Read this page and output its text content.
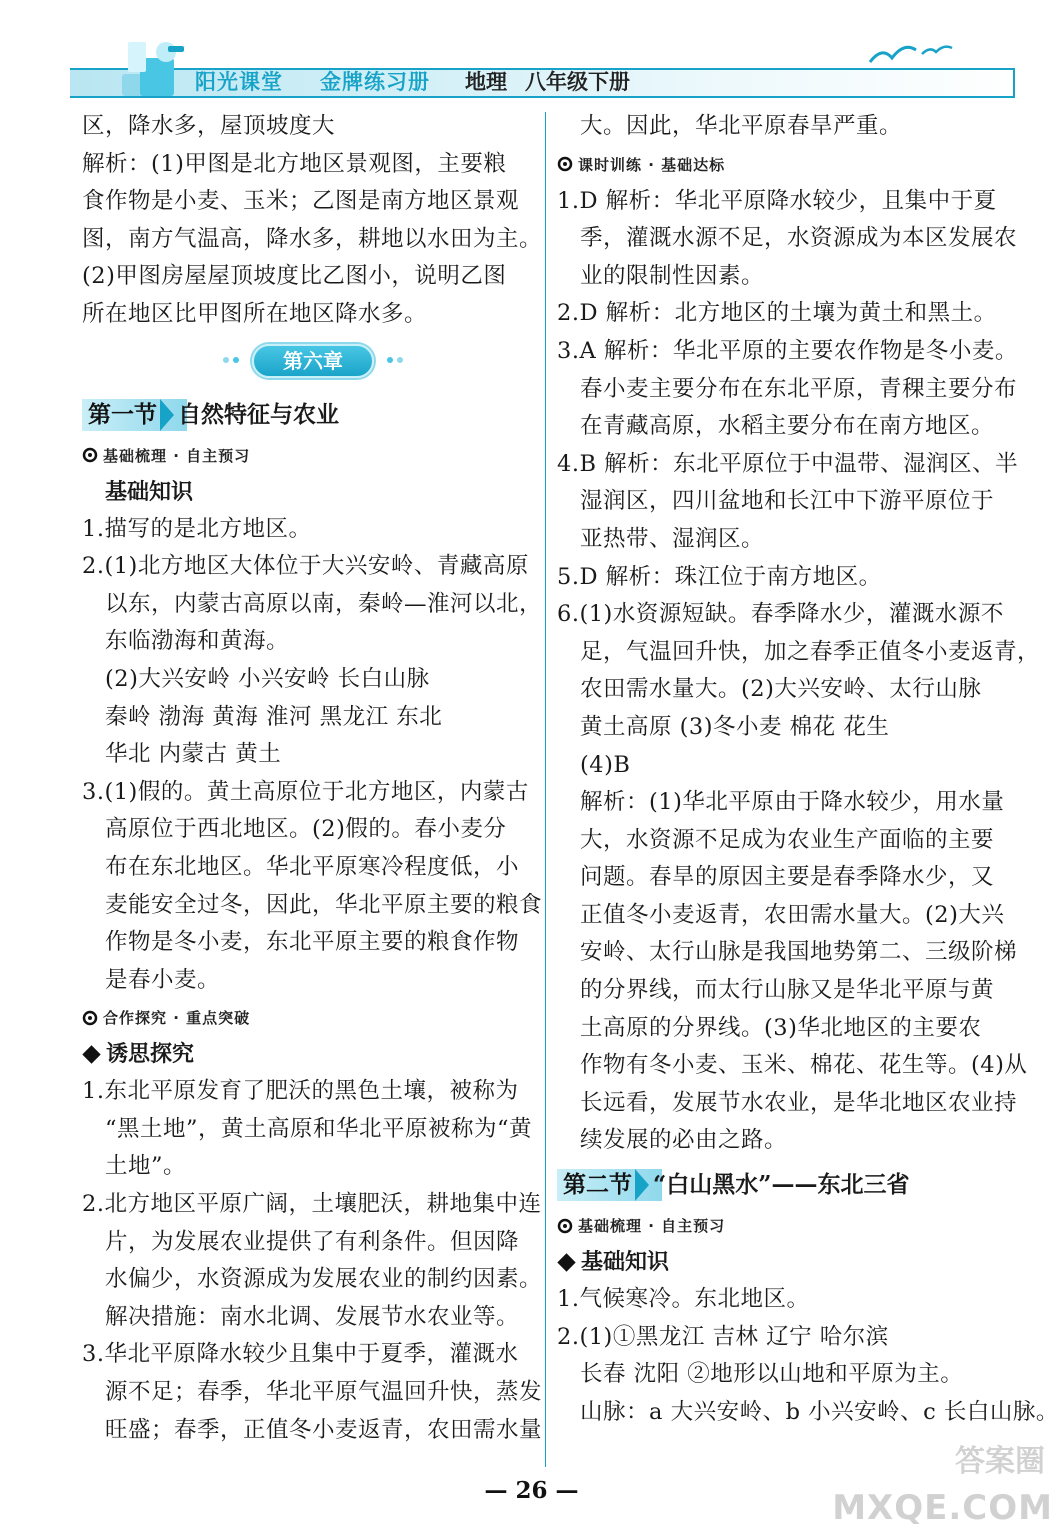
阳光课堂 金牌练习册 地理 八年级下册
区，降水多，屋顶坡度大
解析：(1)甲图是北方地区景观图，主要粮
食作物是小麦、玉米；乙图是南方地区景观
图，南方气温高，降水多，耕地以水田为主。
(2)甲图房屋屋顶坡度比乙图小，说明乙图
所在地区比甲图所在地区降水多。
第六章
第一节 自然特征与农业
基础梳理 · 自主预习
基础知识
1.描写的是北方地区。
2.(1)北方地区大体位于大兴安岭、青藏高原
以东，内蒙古高原以南，秦岭—淮河以北，
东临渤海和黄海。
(2)大兴安岭 小兴安岭 长白山脉
秦岭 渤海 黄海 淮河 黑龙江 东北
华北 内蒙古 黄土
3.(1)假的。黄土高原位于北方地区，内蒙古
高原位于西北地区。(2)假的。春小麦分
布在东北地区。华北平原寒冷程度低，小
麦能安全过冬，因此，华北平原主要的粮食
作物是冬小麦，东北平原主要的粮食作物
是春小麦。
合作探究 · 重点突破
诱思探究
1.东北平原发育了肥沃的黑色土壤，被称为
“黑土地”，黄土高原和华北平原被称为“黄
土地”。
2.北方地区平原广阔，土壤肥沃，耕地集中连
片，为发展农业提供了有利条件。但因降
水偏少，水资源成为发展农业的制约因素。
解决措施：南水北调、发展节水农业等。
3.华北平原降水较少且集中于夏季，灌溉水
源不足；春季，华北平原气温回升快，蒸发
旺盛；春季，正值冬小麦返青，农田需水量
大。因此，华北平原春旱严重。
课时训练 · 基础达标
1.D 解析：华北平原降水较少，且集中于夏
季，灌溉水源不足，水资源成为本区发展农
业的限制性因素。
2.D 解析：北方地区的土壤为黄土和黑土。
3.A 解析：华北平原的主要农作物是冬小麦。
春小麦主要分布在东北平原，青稞主要分布
在青藏高原，水稻主要分布在南方地区。
4.B 解析：东北平原位于中温带、湿润区、半
湿润区，四川盆地和长江中下游平原位于
亚热带、湿润区。
5.D 解析：珠江位于南方地区。
6.(1)水资源短缺。春季降水少，灌溉水源不
足，气温回升快，加之春季正值冬小麦返青，
农田需水量大。(2)大兴安岭、太行山脉
黄土高原 (3)冬小麦 棉花 花生
(4)B
解析：(1)华北平原由于降水较少，用水量
大，水资源不足成为农业生产面临的主要
问题。春旱的原因主要是春季降水少，又
正值冬小麦返青，农田需水量大。(2)大兴
安岭、太行山脉是我国地势第二、三级阶梯
的分界线，而太行山脉又是华北平原与黄
土高原的分界线。(3)华北地区的主要农
作物有冬小麦、玉米、棉花、花生等。(4)从
长远看，发展节水农业，是华北地区农业持
续发展的必由之路。
第二节 “白山黑水”——东北三省
基础梳理 · 自主预习
基础知识
1.气候寒冷。东北地区。
2.(1)①黑龙江 吉林 辽宁 哈尔滨
长春 沈阳 ②地形以山地和平原为主。
山脉：a 大兴安岭、b 小兴安岭、c 长白山脉。
— 26 —
答案圈
MXQE.COM
